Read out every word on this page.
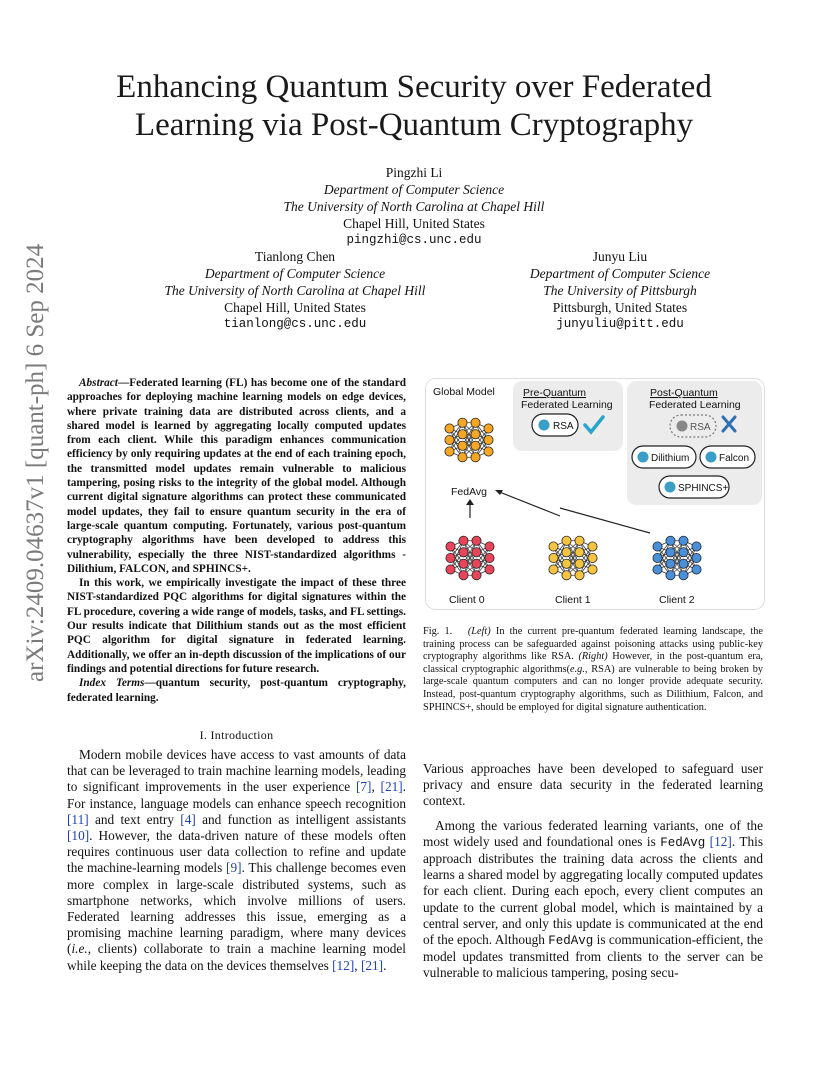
arXiv:2409.04637v1 [quant-ph] 6 Sep 2024
Enhancing Quantum Security over Federated
Learning via Post-Quantum Cryptography
Pingzhi Li
Department of Computer Science
The University of North Carolina at Chapel Hill
Chapel Hill, United States
pingzhi@cs.unc.edu
Tianlong Chen
Department of Computer Science
The University of North Carolina at Chapel Hill
Chapel Hill, United States
tianlong@cs.unc.edu
Junyu Liu
Department of Computer Science
The University of Pittsburgh
Pittsburgh, United States
junyuliu@pitt.edu

Abstract—Federated learning (FL) has become one of the standard approaches for deploying machine learning models on edge devices, where private training data are distributed across clients, and a shared model is learned by aggregating locally computed updates from each client. While this paradigm enhances communication efficiency by only requiring updates at the end of each training epoch, the transmitted model updates remain vulnerable to malicious tampering, posing risks to the integrity of the global model. Although current digital signature algorithms can protect these communicated model updates, they fail to ensure quantum security in the era of large-scale quantum computing. Fortunately, various post-quantum cryptography algorithms have been developed to address this vulnerability, especially the three NIST-standardized algorithms - Dilithium, FALCON, and SPHINCS+.

In this work, we empirically investigate the impact of these three NIST-standardized PQC algorithms for digital signatures within the FL procedure, covering a wide range of models, tasks, and FL settings. Our results indicate that Dilithium stands out as the most efficient PQC algorithm for digital signature in federated learning. Additionally, we offer an in-depth discussion of the implications of our findings and potential directions for future research.

Index Terms—quantum security, post-quantum cryptography, federated learning.

I. Introduction

Modern mobile devices have access to vast amounts of data that can be leveraged to train machine learning models, leading to significant improvements in the user experience [7], [21]. For instance, language models can enhance speech recognition [11] and text entry [4] and function as intelligent assistants [10]. However, the data-driven nature of these models often requires continuous user data collection to refine and update the machine-learning models [9]. This challenge becomes even more complex in large-scale distributed systems, such as smartphone networks, which involve millions of users. Federated learning addresses this issue, emerging as a promising machine learning paradigm, where many devices (i.e., clients) collaborate to train a machine learning model while keeping the data on the devices themselves [12], [21].

Global Model	Pre-Quantum
Federated Learning
Post-Quantum
Federated Learning
FedAvg
Client 0	Client 1	Client 2
RSA	RSA
Dilithium	Falcon
SPHINCS+
Fig. 1. (Left) In the current pre-quantum federated learning landscape, the training process can be safeguarded against poisoning attacks using public-key cryptography algorithms like RSA. (Right) However, in the post-quantum era, classical cryptographic algorithms(e.g., RSA) are vulnerable to being broken by large-scale quantum computers and can no longer provide adequate security. Instead, post-quantum cryptography algorithms, such as Dilithium, Falcon, and SPHINCS+, should be employed for digital signature authentication.

Various approaches have been developed to safeguard user privacy and ensure data security in the federated learning context.

Among the various federated learning variants, one of the most widely used and foundational ones is FedAvg [12]. This approach distributes the training data across the clients and learns a shared model by aggregating locally computed updates for each client. During each epoch, every client computes an update to the current global model, which is maintained by a central server, and only this update is communicated at the end of the epoch. Although FedAvg is communication-efficient, the model updates transmitted from clients to the server can be vulnerable to malicious tampering, posing secu-
